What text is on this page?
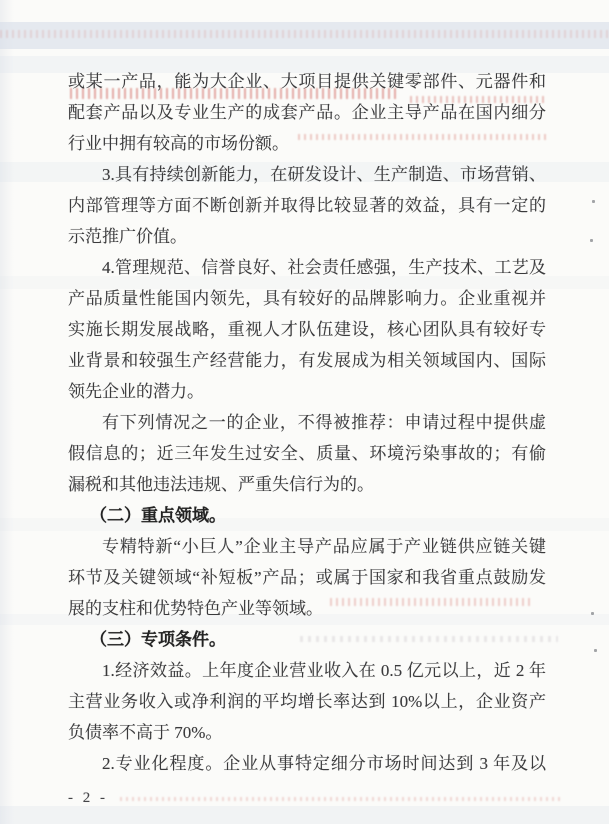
或某一产品，能为大企业、大项目提供关键零部件、元器件和
配套产品以及专业生产的成套产品。企业主导产品在国内细分
行业中拥有较高的市场份额。
3.具有持续创新能力，在研发设计、生产制造、市场营销、
内部管理等方面不断创新并取得比较显著的效益，具有一定的
示范推广价值。
4.管理规范、信誉良好、社会责任感强，生产技术、工艺及
产品质量性能国内领先，具有较好的品牌影响力。企业重视并
实施长期发展战略，重视人才队伍建设，核心团队具有较好专
业背景和较强生产经营能力，有发展成为相关领域国内、国际
领先企业的潜力。
有下列情况之一的企业，不得被推荐：申请过程中提供虚
假信息的；近三年发生过安全、质量、环境污染事故的；有偷
漏税和其他违法违规、严重失信行为的。
（二）重点领域。
专精特新“小巨人”企业主导产品应属于产业链供应链关键
环节及关键领域“补短板”产品；或属于国家和我省重点鼓励发
展的支柱和优势特色产业等领域。
（三）专项条件。
1.经济效益。上年度企业营业收入在 0.5 亿元以上，近 2 年
主营业务收入或净利润的平均增长率达到 10%以上，企业资产
负债率不高于 70%。
2.专业化程度。企业从事特定细分市场时间达到 3 年及以
- 2 -
